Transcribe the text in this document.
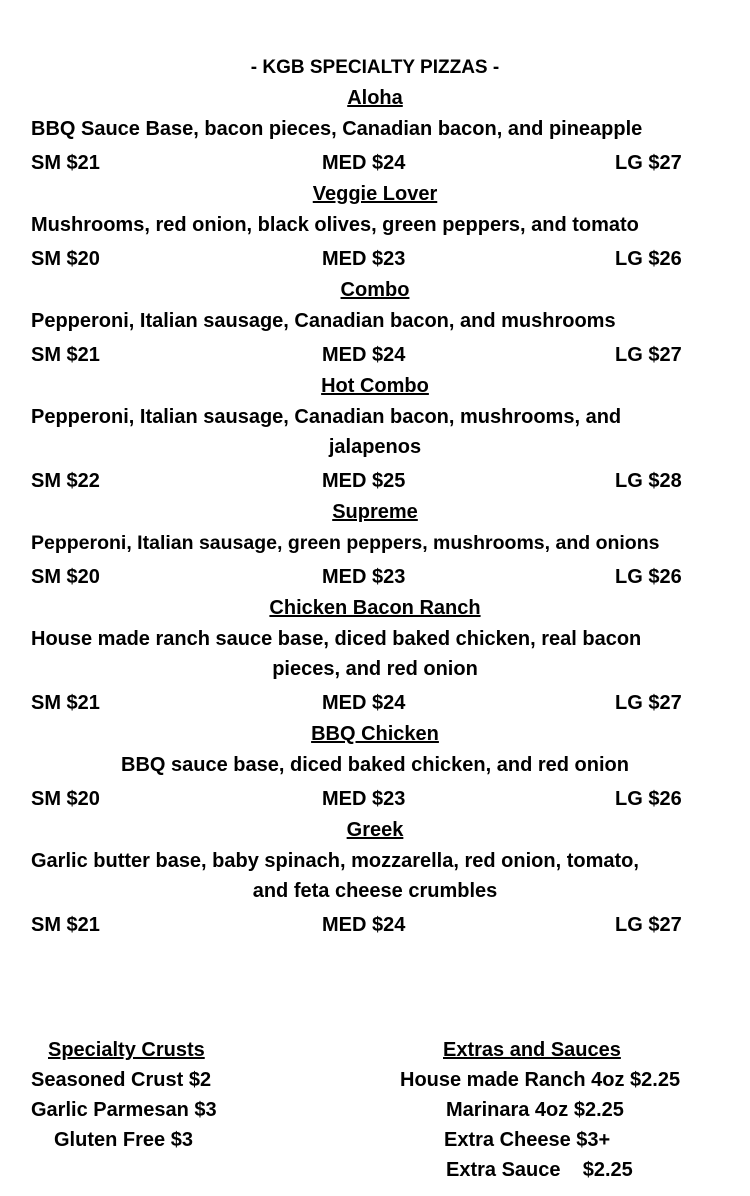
- KGB SPECIALTY PIZZAS -
Aloha
BBQ Sauce Base, bacon pieces, Canadian bacon, and pineapple
SM $21	MED $24	LG $27
Veggie Lover
Mushrooms, red onion, black olives, green peppers, and tomato
SM $20	MED $23	LG $26
Combo
Pepperoni, Italian sausage, Canadian bacon, and mushrooms
SM $21	MED $24	LG $27
Hot Combo
Pepperoni, Italian sausage, Canadian bacon, mushrooms, and
jalapenos
SM $22	MED $25	LG $28
Supreme
Pepperoni, Italian sausage, green peppers, mushrooms, and onions
SM $20	MED $23	LG $26
Chicken Bacon Ranch
House made ranch sauce base, diced baked chicken, real bacon
pieces, and red onion
SM $21	MED $24	LG $27
BBQ Chicken
BBQ sauce base, diced baked chicken, and red onion
SM $20	MED $23	LG $26
Greek
Garlic butter base, baby spinach, mozzarella, red onion, tomato,
and feta cheese crumbles
SM $21	MED $24	LG $27
Specialty Crusts
Seasoned Crust $2
Garlic Parmesan $3
Gluten Free $3
Extras and Sauces
House made Ranch 4oz $2.25
Marinara 4oz $2.25
Extra Cheese $3+
Extra Sauce    $2.25
